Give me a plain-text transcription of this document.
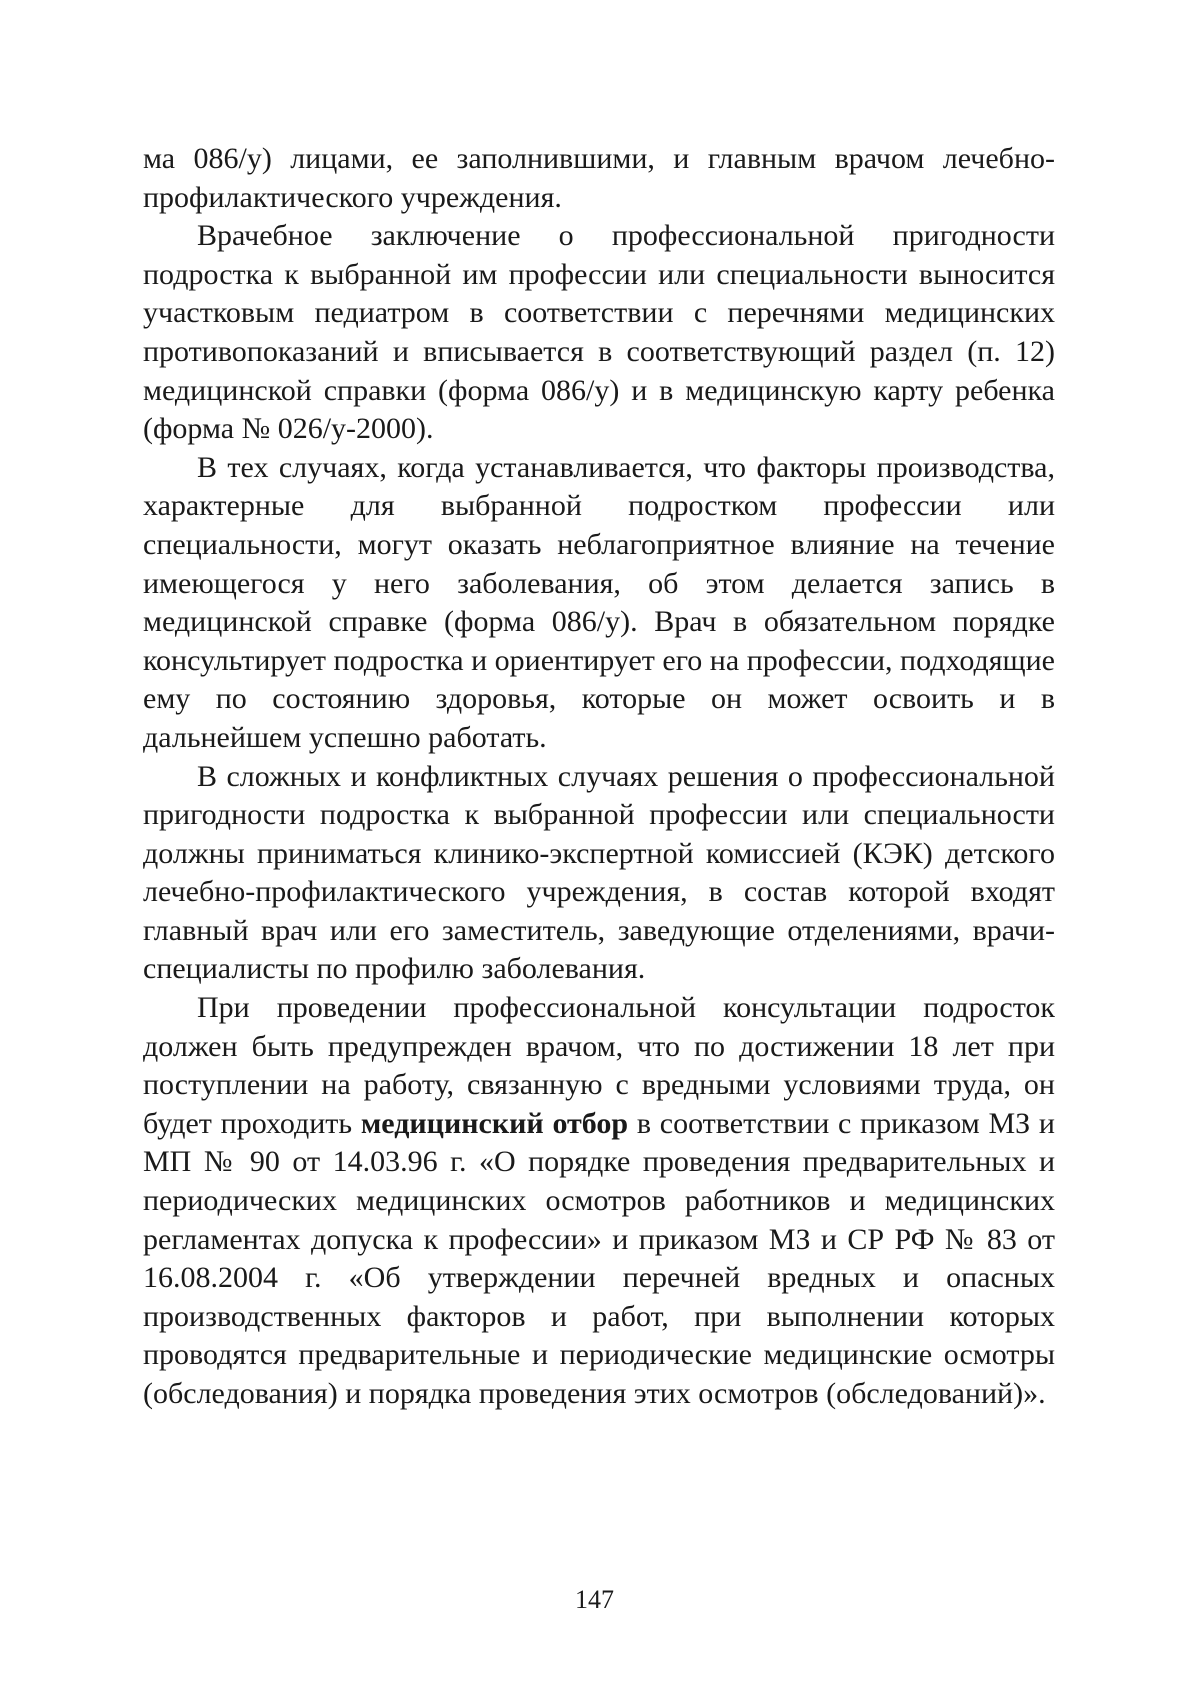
ма 086/у) лицами, ее заполнившими, и главным врачом лечебно-профилактического учреждения.

Врачебное заключение о профессиональной пригодности подростка к выбранной им профессии или специальности выносится участковым педиатром в соответствии с перечнями медицинских противопоказаний и вписывается в соответствующий раздел (п. 12) медицинской справки (форма 086/у) и в медицинскую карту ребенка (форма № 026/у-2000).

В тех случаях, когда устанавливается, что факторы производства, характерные для выбранной подростком профессии или специальности, могут оказать неблагоприятное влияние на течение имеющегося у него заболевания, об этом делается запись в медицинской справке (форма 086/у). Врач в обязательном порядке консультирует подростка и ориентирует его на профессии, подходящие ему по состоянию здоровья, которые он может освоить и в дальнейшем успешно работать.

В сложных и конфликтных случаях решения о профессиональной пригодности подростка к выбранной профессии или специальности должны приниматься клинико-экспертной комиссией (КЭК) детского лечебно-профилактического учреждения, в состав которой входят главный врач или его заместитель, заведующие отделениями, врачи-специалисты по профилю заболевания.

При проведении профессиональной консультации подросток должен быть предупрежден врачом, что по достижении 18 лет при поступлении на работу, связанную с вредными условиями труда, он будет проходить медицинский отбор в соответствии с приказом МЗ и МП № 90 от 14.03.96 г. «О порядке проведения предварительных и периодических медицинских осмотров работников и медицинских регламентах допуска к профессии» и приказом МЗ и СР РФ № 83 от 16.08.2004 г. «Об утверждении перечней вредных и опасных производственных факторов и работ, при выполнении которых проводятся предварительные и периодические медицинские осмотры (обследования) и порядка проведения этих осмотров (обследований)».

147
